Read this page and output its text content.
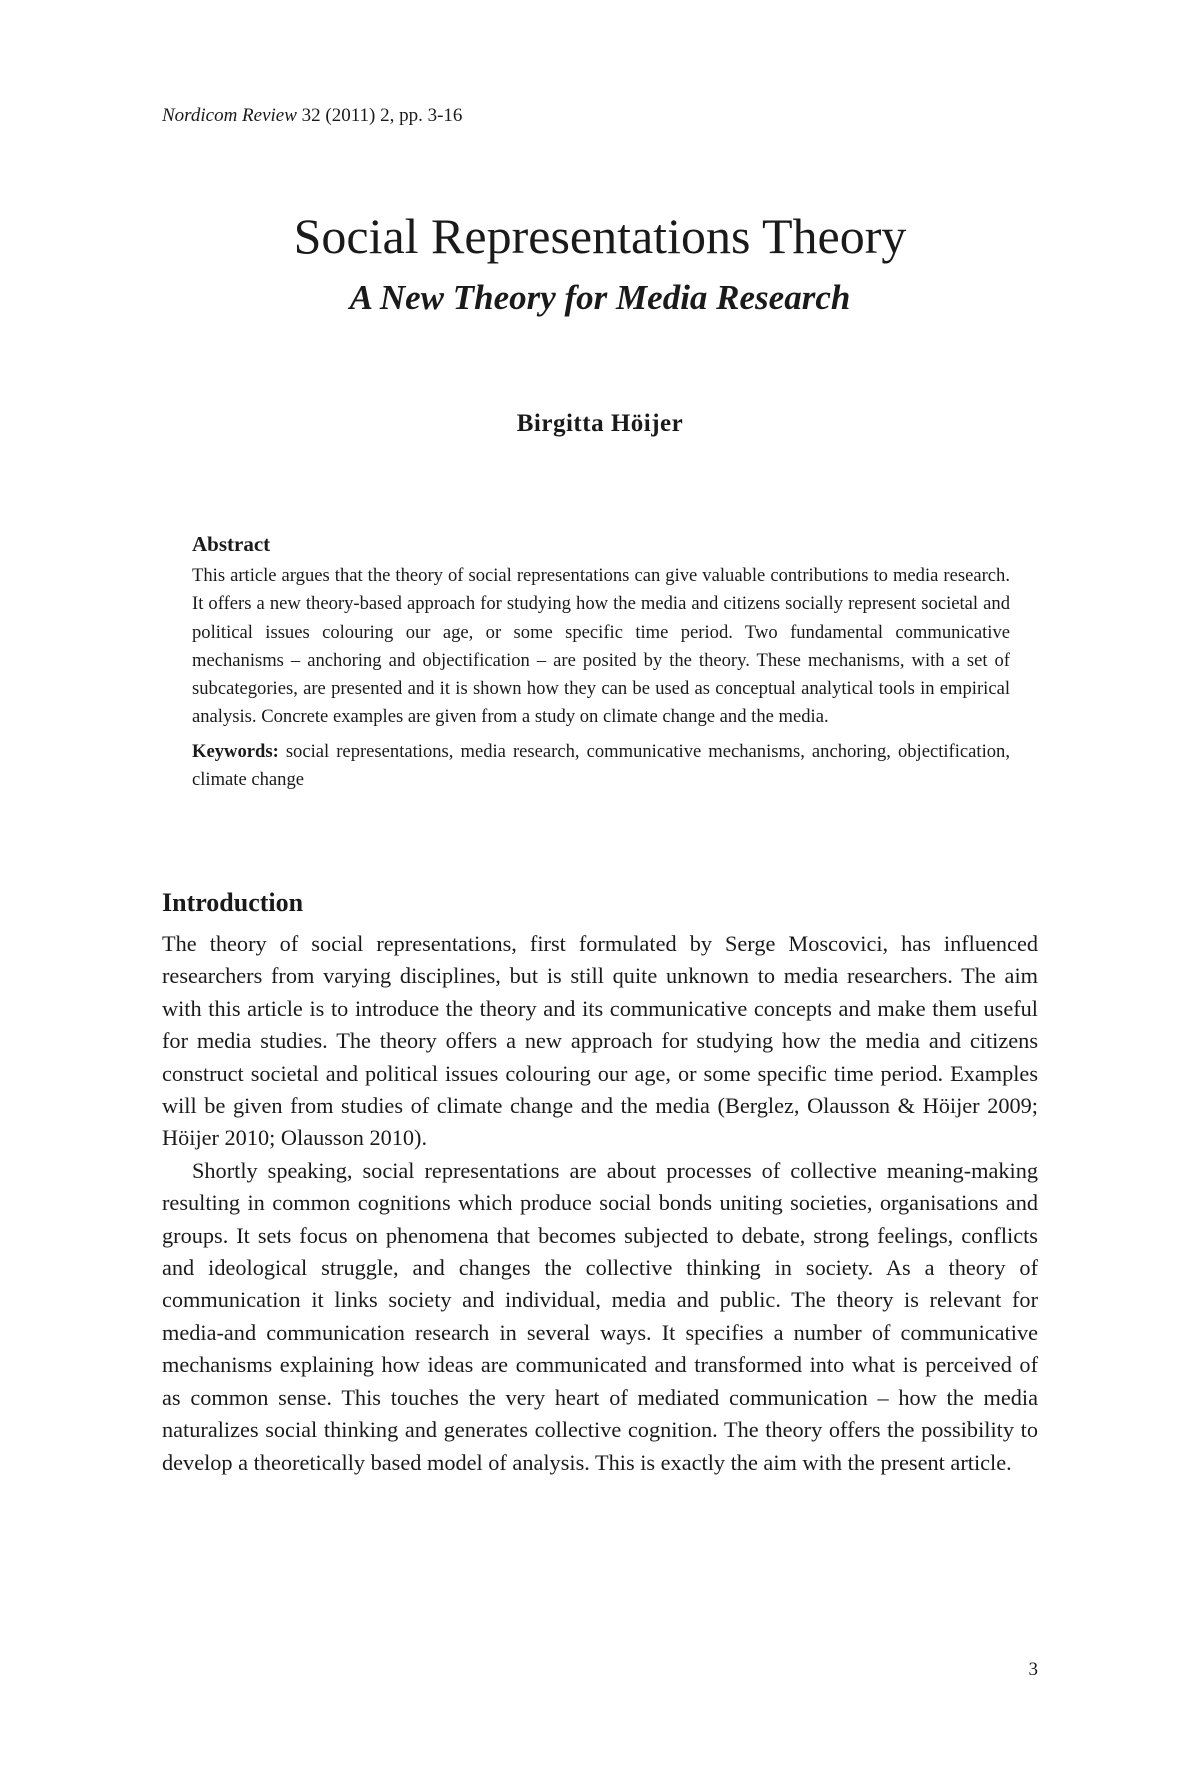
Nordicom Review 32 (2011) 2, pp. 3-16
Social Representations Theory
A New Theory for Media Research
Birgitta Höijer
Abstract

This article argues that the theory of social representations can give valuable contributions to media research. It offers a new theory-based approach for studying how the media and citizens socially represent societal and political issues colouring our age, or some specific time period. Two fundamental communicative mechanisms – anchoring and objectification – are posited by the theory. These mechanisms, with a set of subcategories, are presented and it is shown how they can be used as conceptual analytical tools in empirical analysis. Concrete examples are given from a study on climate change and the media.

Keywords: social representations, media research, communicative mechanisms, anchoring, objectification, climate change

Introduction

The theory of social representations, first formulated by Serge Moscovici, has influenced researchers from varying disciplines, but is still quite unknown to media researchers. The aim with this article is to introduce the theory and its communicative concepts and make them useful for media studies. The theory offers a new approach for studying how the media and citizens construct societal and political issues colouring our age, or some specific time period. Examples will be given from studies of climate change and the media (Berglez, Olausson & Höijer 2009; Höijer 2010; Olausson 2010).

Shortly speaking, social representations are about processes of collective meaning-making resulting in common cognitions which produce social bonds uniting societies, organisations and groups. It sets focus on phenomena that becomes subjected to debate, strong feelings, conflicts and ideological struggle, and changes the collective thinking in society. As a theory of communication it links society and individual, media and public. The theory is relevant for media-and communication research in several ways. It specifies a number of communicative mechanisms explaining how ideas are communicated and transformed into what is perceived of as common sense. This touches the very heart of mediated communication – how the media naturalizes social thinking and generates collective cognition. The theory offers the possibility to develop a theoretically based model of analysis. This is exactly the aim with the present article.

3
